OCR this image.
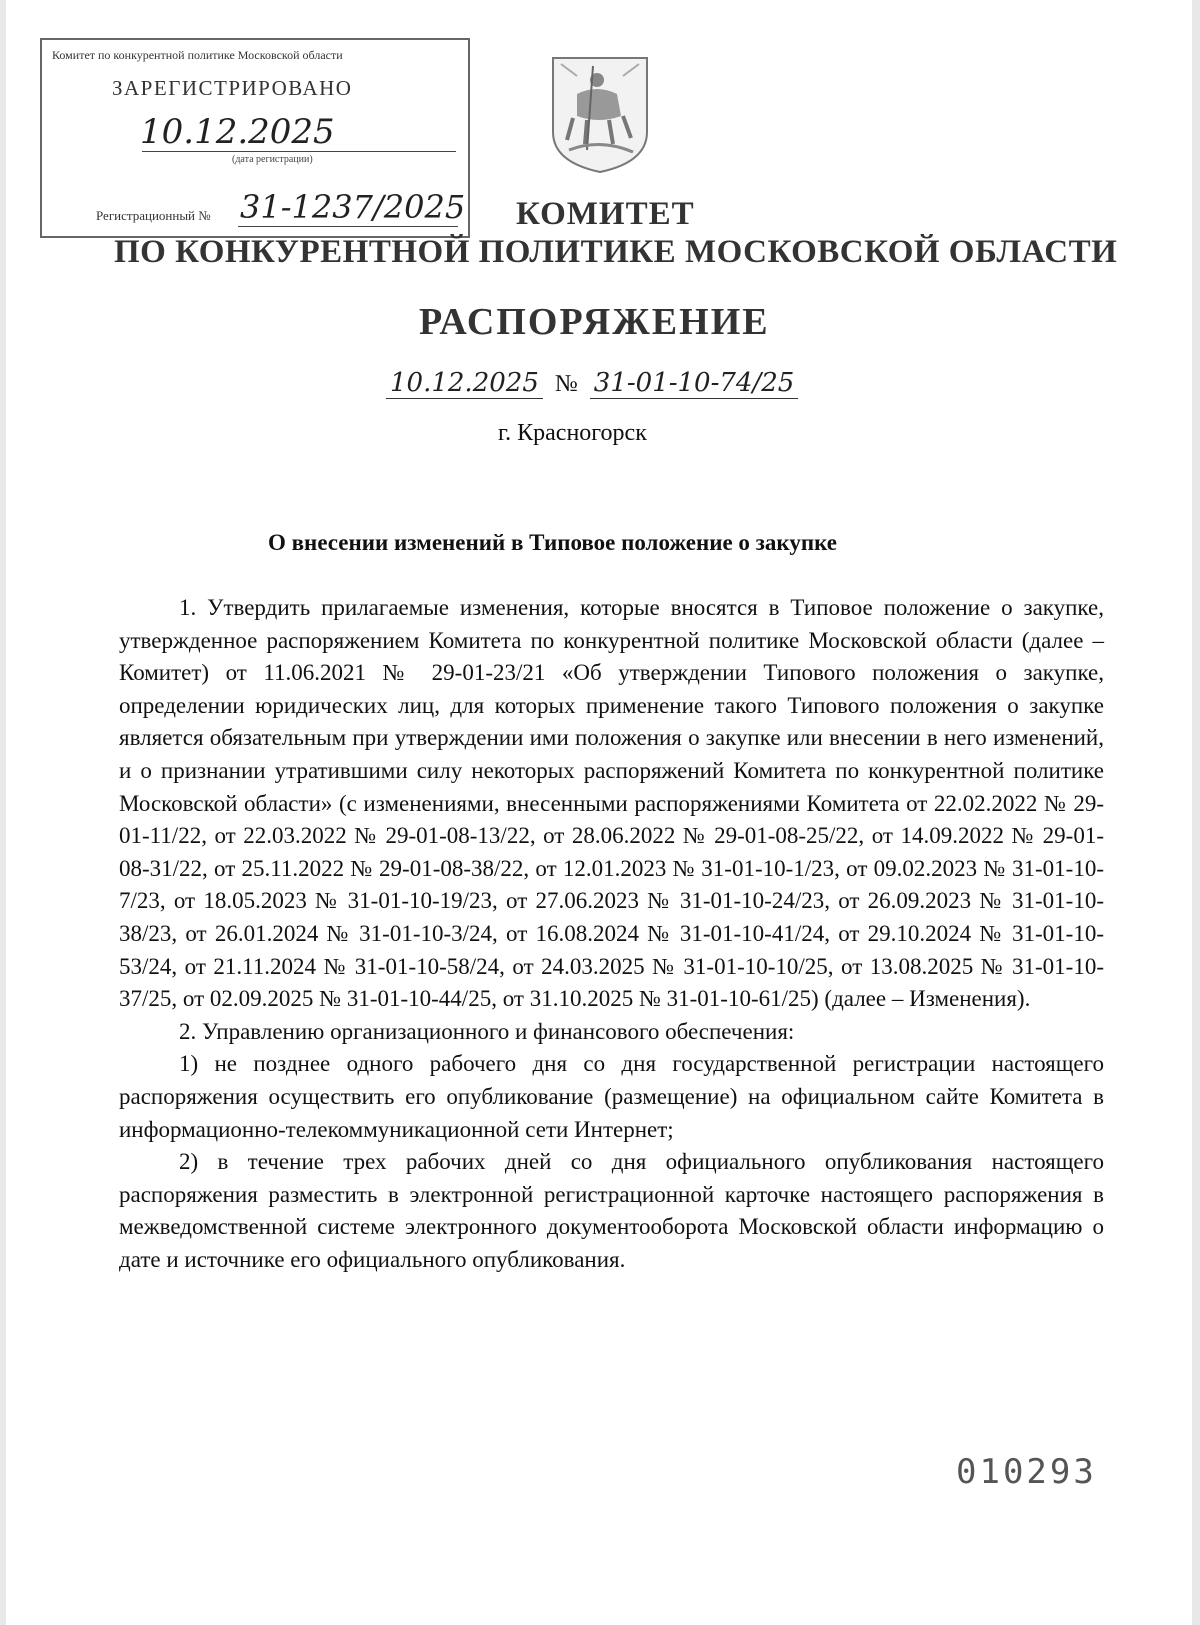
Комитет по конкурентной политике Московской области
ЗАРЕГИСТРИРОВАНО
10.12.2025
(дата регистрации)
Регистрационный № 31-1237/2025 КОМИТЕТ
ПО КОНКУРЕНТНОЙ ПОЛИТИКЕ МОСКОВСКОЙ ОБЛАСТИ
РАСПОРЯЖЕНИЕ
10.12.2025 № 31-01-10-74/25
г. Красногорск
О внесении изменений в Типовое положение о закупке

1. Утвердить прилагаемые изменения, которые вносятся в Типовое положение о закупке, утвержденное распоряжением Комитета по конкурентной политике Московской области (далее – Комитет) от 11.06.2021 № 29-01-23/21 «Об утверждении Типового положения о закупке, определении юридических лиц, для которых применение такого Типового положения о закупке является обязательным при утверждении ими положения о закупке или внесении в него изменений, и о признании утратившими силу некоторых распоряжений Комитета по конкурентной политике Московской области» (с изменениями, внесенными распоряжениями Комитета от 22.02.2022 № 29-01-11/22, от 22.03.2022 № 29-01-08-13/22, от 28.06.2022 № 29-01-08-25/22, от 14.09.2022 № 29-01-08-31/22, от 25.11.2022 № 29-01-08-38/22, от 12.01.2023 № 31-01-10-1/23, от 09.02.2023 № 31-01-10-7/23, от 18.05.2023 № 31-01-10-19/23, от 27.06.2023 № 31-01-10-24/23, от 26.09.2023 № 31-01-10-38/23, от 26.01.2024 № 31-01-10-3/24, от 16.08.2024 № 31-01-10-41/24, от 29.10.2024 № 31-01-10-53/24, от 21.11.2024 № 31-01-10-58/24, от 24.03.2025 № 31-01-10-10/25, от 13.08.2025 № 31-01-10-37/25, от 02.09.2025 № 31-01-10-44/25, от 31.10.2025 № 31-01-10-61/25) (далее – Изменения).

2. Управлению организационного и финансового обеспечения:

1) не позднее одного рабочего дня со дня государственной регистрации настоящего распоряжения осуществить его опубликование (размещение) на официальном сайте Комитета в информационно-телекоммуникационной сети Интернет;

2) в течение трех рабочих дней со дня официального опубликования настоящего распоряжения разместить в электронной регистрационной карточке настоящего распоряжения в межведомственной системе электронного документооборота Московской области информацию о дате и источнике его официального опубликования.

010293
